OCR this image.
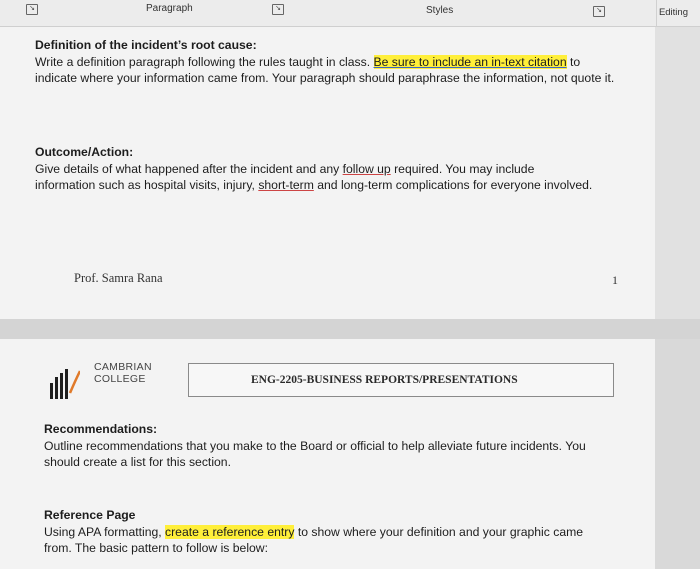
↘	Paragraph	↘	Styles	↘	Editing
Definition of the incident’s root cause:
Write a definition paragraph following the rules taught in class. Be sure to include an in-text citation to indicate where your information came from. Your paragraph should paraphrase the information, not quote it.
Outcome/Action:
Give details of what happened after the incident and any follow up required. You may include information such as hospital visits, injury, short-term and long-term complications for everyone involved.
Prof. Samra Rana	1
CAMBRIAN
COLLEGE	ENG-2205-BUSINESS REPORTS/PRESENTATIONS
Recommendations:
Outline recommendations that you make to the Board or official to help alleviate future incidents. You should create a list for this section.
Reference Page
Using APA formatting, create a reference entry to show where your definition and your graphic came from. The basic pattern to follow is below:
